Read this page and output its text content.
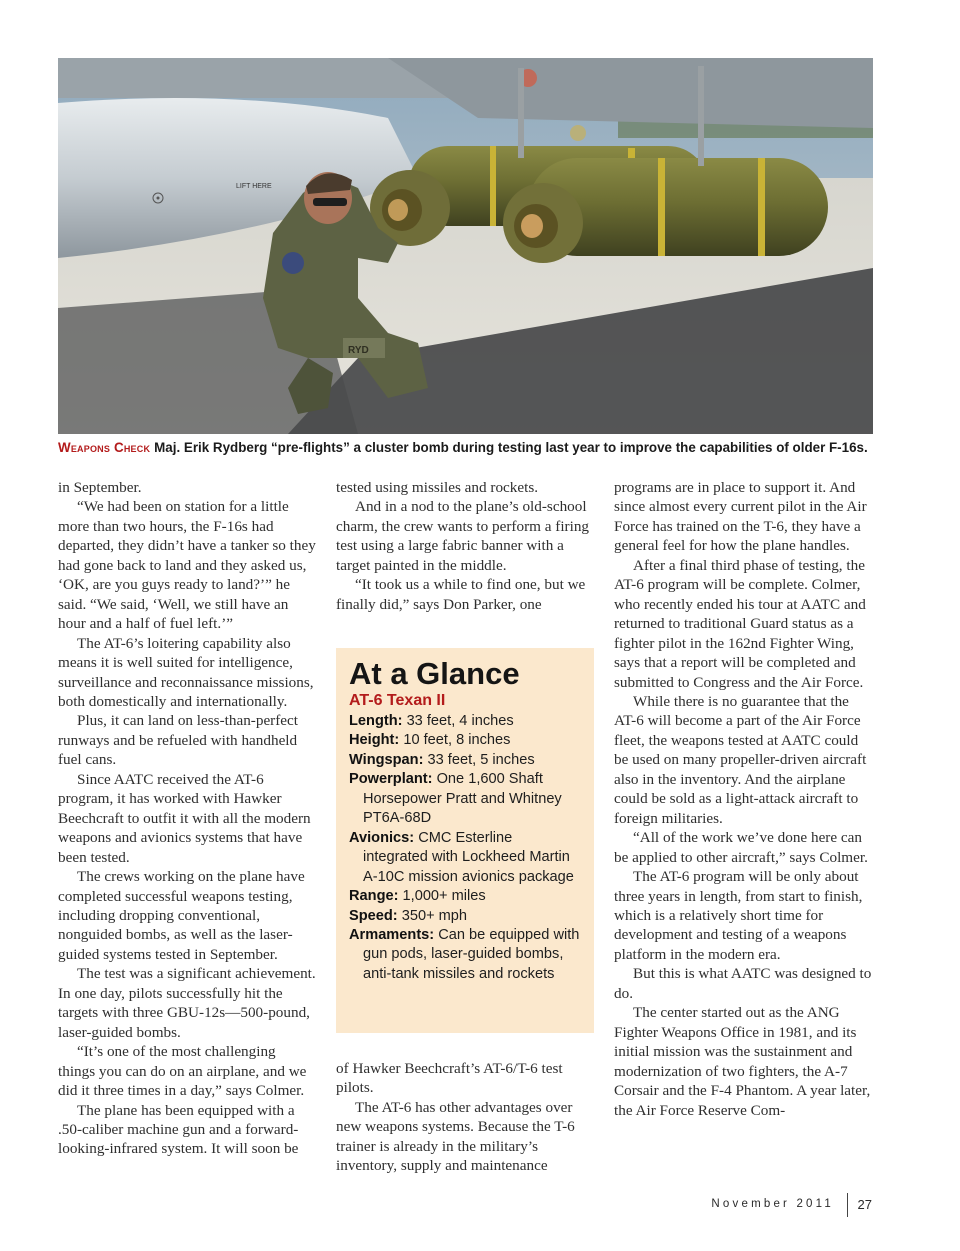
LIFT HERE
RYD
Weapons Check Maj. Erik Rydberg “pre-flights” a cluster bomb during testing last year to improve the capabilities of older F-16s.

in September.

“We had been on station for a little more than two hours, the F-16s had departed, they didn’t have a tanker so they had gone back to land and they asked us, ‘OK, are you guys ready to land?’” he said. “We said, ‘Well, we still have an hour and a half of fuel left.’”

The AT-6’s loitering capability also means it is well suited for intelligence, surveillance and reconnaissance missions, both domestically and internationally.

Plus, it can land on less-than-perfect runways and be refueled with handheld fuel cans.

Since AATC received the AT-6 program, it has worked with Hawker Beechcraft to outfit it with all the modern weapons and avionics systems that have been tested.

The crews working on the plane have completed successful weapons testing, including dropping conventional, nonguided bombs, as well as the laser-guided systems tested in September.

The test was a significant achievement. In one day, pilots successfully hit the targets with three GBU-12s—500-pound, laser-guided bombs.

“It’s one of the most challenging things you can do on an airplane, and we did it three times in a day,” says Colmer.

The plane has been equipped with a .50-caliber machine gun and a forward-looking-infrared system. It will soon be

tested using missiles and rockets.

And in a nod to the plane’s old-school charm, the crew wants to perform a firing test using a large fabric banner with a target painted in the middle.

“It took us a while to find one, but we finally did,” says Don Parker, one

At a Glance
AT-6 Texan II
Length: 33 feet, 4 inches
Height: 10 feet, 8 inches
Wingspan: 33 feet, 5 inches
Powerplant: One 1,600 Shaft Horsepower Pratt and Whitney PT6A-68D
Avionics: CMC Esterline integrated with Lockheed Martin A-10C mission avionics package
Range: 1,000+ miles
Speed: 350+ mph
Armaments: Can be equipped with gun pods, laser-guided bombs, anti-tank missiles and rockets

of Hawker Beechcraft’s AT-6/T-6 test pilots.

The AT-6 has other advantages over new weapons systems. Because the T-6 trainer is already in the military’s inventory, supply and maintenance

programs are in place to support it. And since almost every current pilot in the Air Force has trained on the T-6, they have a general feel for how the plane handles.

After a final third phase of testing, the AT-6 program will be complete. Colmer, who recently ended his tour at AATC and returned to traditional Guard status as a fighter pilot in the 162nd Fighter Wing, says that a report will be completed and submitted to Congress and the Air Force.

While there is no guarantee that the AT-6 will become a part of the Air Force fleet, the weapons tested at AATC could be used on many propeller-driven aircraft also in the inventory. And the airplane could be sold as a light-attack aircraft to foreign militaries.

“All of the work we’ve done here can be applied to other aircraft,” says Colmer.

The AT-6 program will be only about three years in length, from start to finish, which is a relatively short time for development and testing of a weapons platform in the modern era.

But this is what AATC was designed to do.

The center started out as the ANG Fighter Weapons Office in 1981, and its initial mission was the sustainment and modernization of two fighters, the A-7 Corsair and the F-4 Phantom. A year later, the Air Force Reserve Com-

November 2011 27
